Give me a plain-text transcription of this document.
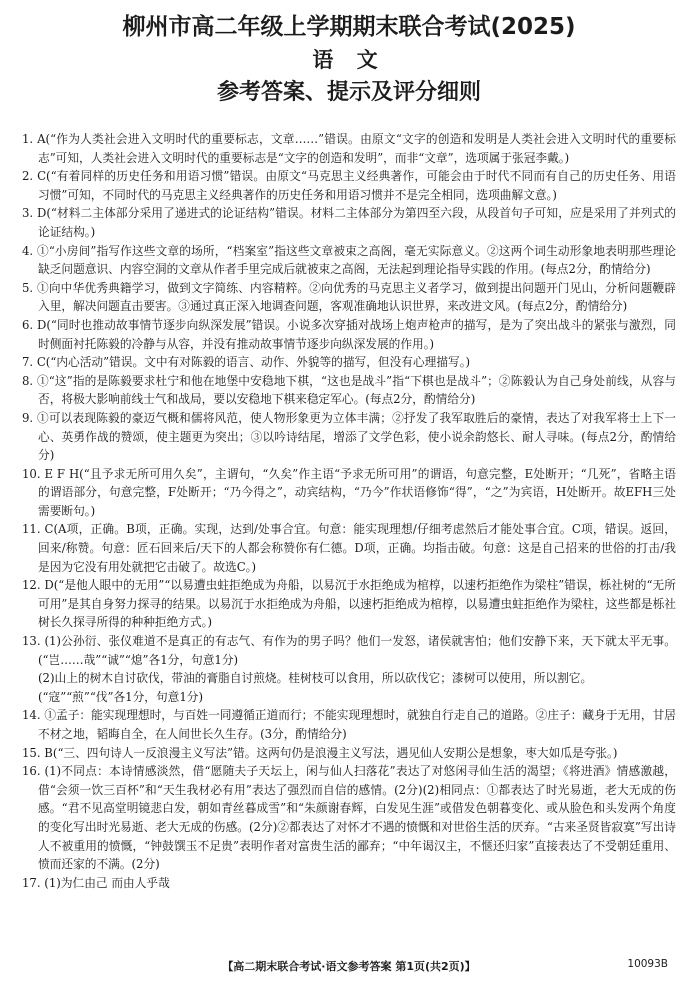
柳州市高二年级上学期期末联合考试(2025)
语 文
参考答案、提示及评分细则

1. A(“作为人类社会进入文明时代的重要标志，文章……”错误。由原文“文字的创造和发明是人类社会进入文明时代的重要标志”可知，人类社会进入文明时代的重要标志是“文字的创造和发明”，而非“文章”，选项属于张冠李戴。)

2. C(“有着同样的历史任务和用语习惯”错误。由原文“马克思主义经典著作，可能会由于时代不同而有自己的历史任务、用语习惯”可知，不同时代的马克思主义经典著作的历史任务和用语习惯并不是完全相同，选项曲解文意。)

3. D(“材料二主体部分采用了递进式的论证结构”错误。材料二主体部分为第四至六段，从段首句子可知，应是采用了并列式的论证结构。)

4. ①“小房间”指写作这些文章的场所，“档案室”指这些文章被束之高阁，毫无实际意义。②这两个词生动形象地表明那些理论缺乏问题意识、内容空洞的文章从作者手里完成后就被束之高阁，无法起到理论指导实践的作用。(每点2分，酌情给分)

5. ①向中华优秀典籍学习，做到文字简练、内容精粹。②向优秀的马克思主义者学习，做到提出问题开门见山，分析问题鞭辟入里，解决问题直击要害。③通过真正深入地调查问题，客观准确地认识世界，来改进文风。(每点2分，酌情给分)

6. D(“同时也推动故事情节逐步向纵深发展”错误。小说多次穿插对战场上炮声枪声的描写，是为了突出战斗的紧张与激烈，同时侧面衬托陈毅的冷静与从容，并没有推动故事情节逐步向纵深发展的作用。)

7. C(“内心活动”错误。文中有对陈毅的语言、动作、外貌等的描写，但没有心理描写。)

8. ①“这”指的是陈毅要求杜宁和他在地堡中安稳地下棋，“这也是战斗”指“下棋也是战斗”；②陈毅认为自己身处前线，从容与否，将极大影响前线士气和战局，要以安稳地下棋来稳定军心。(每点2分，酌情给分)

9. ①可以表现陈毅的豪迈气概和儒将风范，使人物形象更为立体丰满；②抒发了我军取胜后的豪情，表达了对我军将士上下一心、英勇作战的赞颂，使主题更为突出；③以吟诗结尾，增添了文学色彩，使小说余韵悠长、耐人寻味。(每点2分，酌情给分)

10. E F H(“且予求无所可用久矣”，主谓句，“久矣”作主语“予求无所可用”的谓语，句意完整，E处断开；“几死”，省略主语的谓语部分，句意完整，F处断开；“乃今得之”，动宾结构，“乃今”作状语修饰“得”，“之”为宾语，H处断开。故EFH三处需要断句。)

11. C(A项，正确。B项，正确。实现，达到/处事合宜。句意：能实现理想/仔细考虑然后才能处事合宜。C项，错误。返回，回来/称赞。句意：匠石回来后/天下的人都会称赞你有仁德。D项，正确。均指击破。句意：这是自己招来的世俗的打击/我是因为它没有用处就把它击破了。故选C。)

12. D(“是他人眼中的无用”“以易遭虫蛀拒绝成为舟船，以易沉于水拒绝成为棺椁，以速朽拒绝作为梁柱”错误，栎社树的“无所可用”是其自身努力探寻的结果。以易沉于水拒绝成为舟船，以速朽拒绝成为棺椁，以易遭虫蛀拒绝作为梁柱，这些都是栎社树长久探寻所得的种种拒绝方式。)

13. (1)公孙衍、张仪难道不是真正的有志气、有作为的男子吗？他们一发怒，诸侯就害怕；他们安静下来，天下就太平无事。(“岂……哉”“诚”“熄”各1分，句意1分)

(2)山上的树木自讨砍伐，带油的膏脂自讨煎烧。桂树枝可以食用，所以砍伐它；漆树可以使用，所以割它。(“寇”“煎”“伐”各1分，句意1分)

14. ①孟子：能实现理想时，与百姓一同遵循正道而行；不能实现理想时，就独自行走自己的道路。②庄子：藏身于无用，甘居不材之地，韬晦自全，在人间世长久生存。(3分，酌情给分)

15. B(“三、四句诗人一反浪漫主义写法”错。这两句仍是浪漫主义写法，遇见仙人安期公是想象，枣大如瓜是夸张。)

16. (1)不同点：本诗情感淡然，借“愿随夫子天坛上，闲与仙人扫落花”表达了对悠闲寻仙生活的渴望；《将进酒》情感激越，借“会须一饮三百杯”和“天生我材必有用”表达了强烈而自信的感情。(2分)(2)相同点：①都表达了时光易逝，老大无成的伤感。“君不见高堂明镜悲白发，朝如青丝暮成雪”和“朱颜谢春辉，白发见生涯”或借发色朝暮变化、或从脸色和头发两个角度的变化写出时光易逝、老大无成的伤感。(2分)②都表达了对怀才不遇的愤慨和对世俗生活的厌弃。“古来圣贤皆寂寞”写出诗人不被重用的愤慨，“钟鼓馔玉不足贵”表明作者对富贵生活的鄙弃；“中年谒汉主，不惬还归家”直接表达了不受朝廷重用、愤而还家的不满。(2分)

17. (1)为仁由己 而由人乎哉

【高二期末联合考试·语文参考答案 第1页(共2页)】	10093B
